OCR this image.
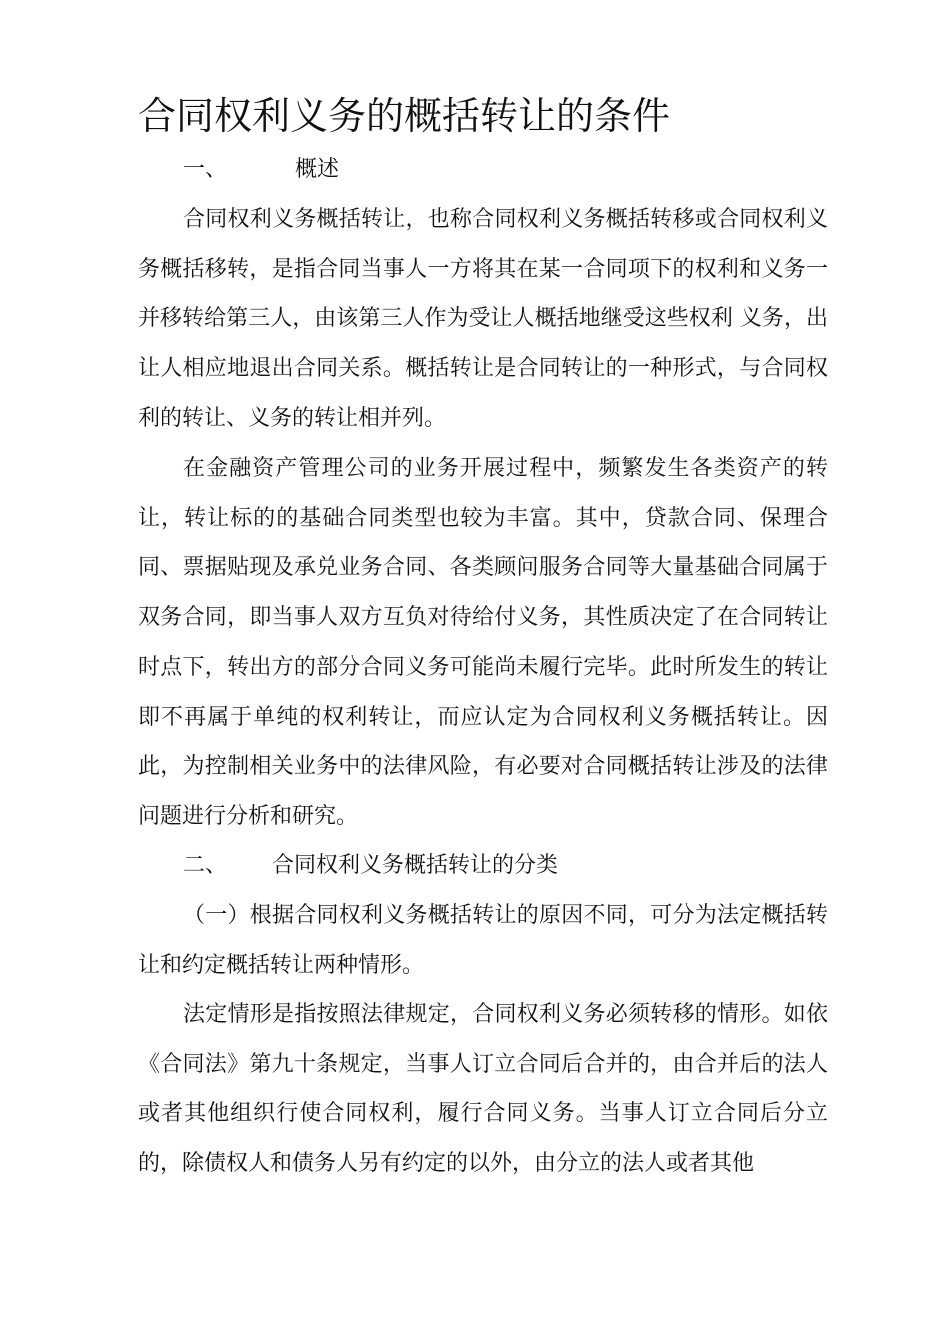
合同权利义务的概括转让的条件
一、	概述

合同权利义务概括转让，也称合同权利义务概括转移或合同权利义务概括移转，是指合同当事人一方将其在某一合同项下的权利和义务一并移转给第三人，由该第三人作为受让人概括地继受这些权利 义务，出让人相应地退出合同关系。概括转让是合同转让的一种形式，与合同权利的转让、义务的转让相并列。

在金融资产管理公司的业务开展过程中，频繁发生各类资产的转让，转让标的的基础合同类型也较为丰富。其中，贷款合同、保理合同、票据贴现及承兑业务合同、各类顾问服务合同等大量基础合同属于双务合同，即当事人双方互负对待给付义务，其性质决定了在合同转让时点下，转出方的部分合同义务可能尚未履行完毕。此时所发生的转让即不再属于单纯的权利转让，而应认定为合同权利义务概括转让。因此，为控制相关业务中的法律风险，有必要对合同概括转让涉及的法律问题进行分析和研究。

二、 合同权利义务概括转让的分类

（一）根据合同权利义务概括转让的原因不同，可分为法定概括转让和约定概括转让两种情形。

法定情形是指按照法律规定，合同权利义务必须转移的情形。如依《合同法》第九十条规定，当事人订立合同后合并的，由合并后的法人或者其他组织行使合同权利，履行合同义务。当事人订立合同后分立的，除债权人和债务人另有约定的以外，由分立的法人或者其他
